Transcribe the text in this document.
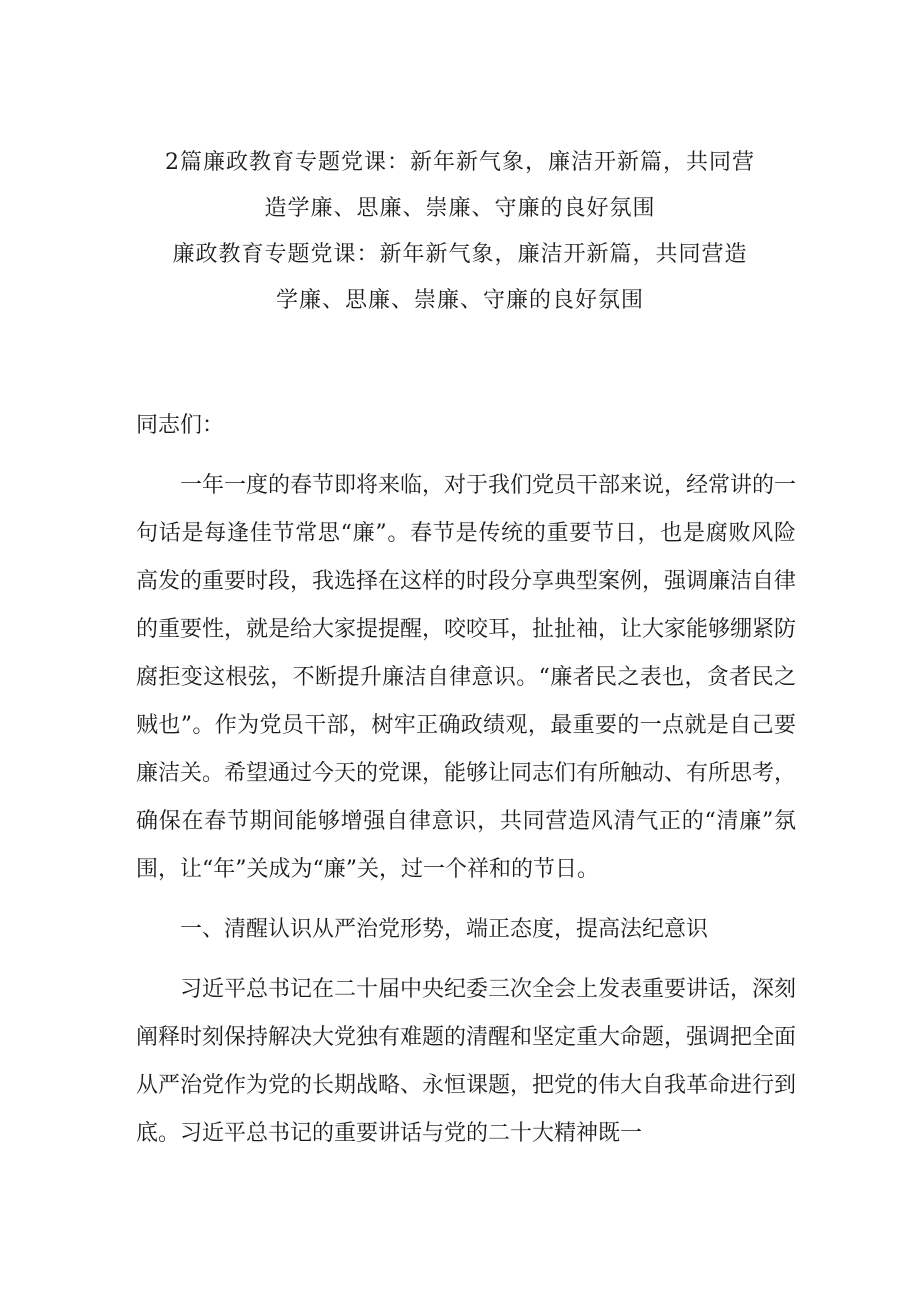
2篇廉政教育专题党课：新年新气象，廉洁开新篇，共同营

造学廉、思廉、崇廉、守廉的良好氛围

廉政教育专题党课：新年新气象，廉洁开新篇，共同营造

学廉、思廉、崇廉、守廉的良好氛围

同志们：

一年一度的春节即将来临，对于我们党员干部来说，经常讲的一句话是每逢佳节常思“廉”。春节是传统的重要节日，也是腐败风险高发的重要时段，我选择在这样的时段分享典型案例，强调廉洁自律的重要性，就是给大家提提醒，咬咬耳，扯扯袖，让大家能够绷紧防腐拒变这根弦，不断提升廉洁自律意识。“廉者民之表也，贪者民之贼也”。作为党员干部，树牢正确政绩观，最重要的一点就是自己要廉洁关。希望通过今天的党课，能够让同志们有所触动、有所思考，确保在春节期间能够增强自律意识，共同营造风清气正的“清廉”氛围，让“年”关成为“廉”关，过一个祥和的节日。

一、清醒认识从严治党形势，端正态度，提高法纪意识

习近平总书记在二十届中央纪委三次全会上发表重要讲话，深刻阐释时刻保持解决大党独有难题的清醒和坚定重大命题，强调把全面从严治党作为党的长期战略、永恒课题，把党的伟大自我革命进行到底。习近平总书记的重要讲话与党的二十大精神既一
